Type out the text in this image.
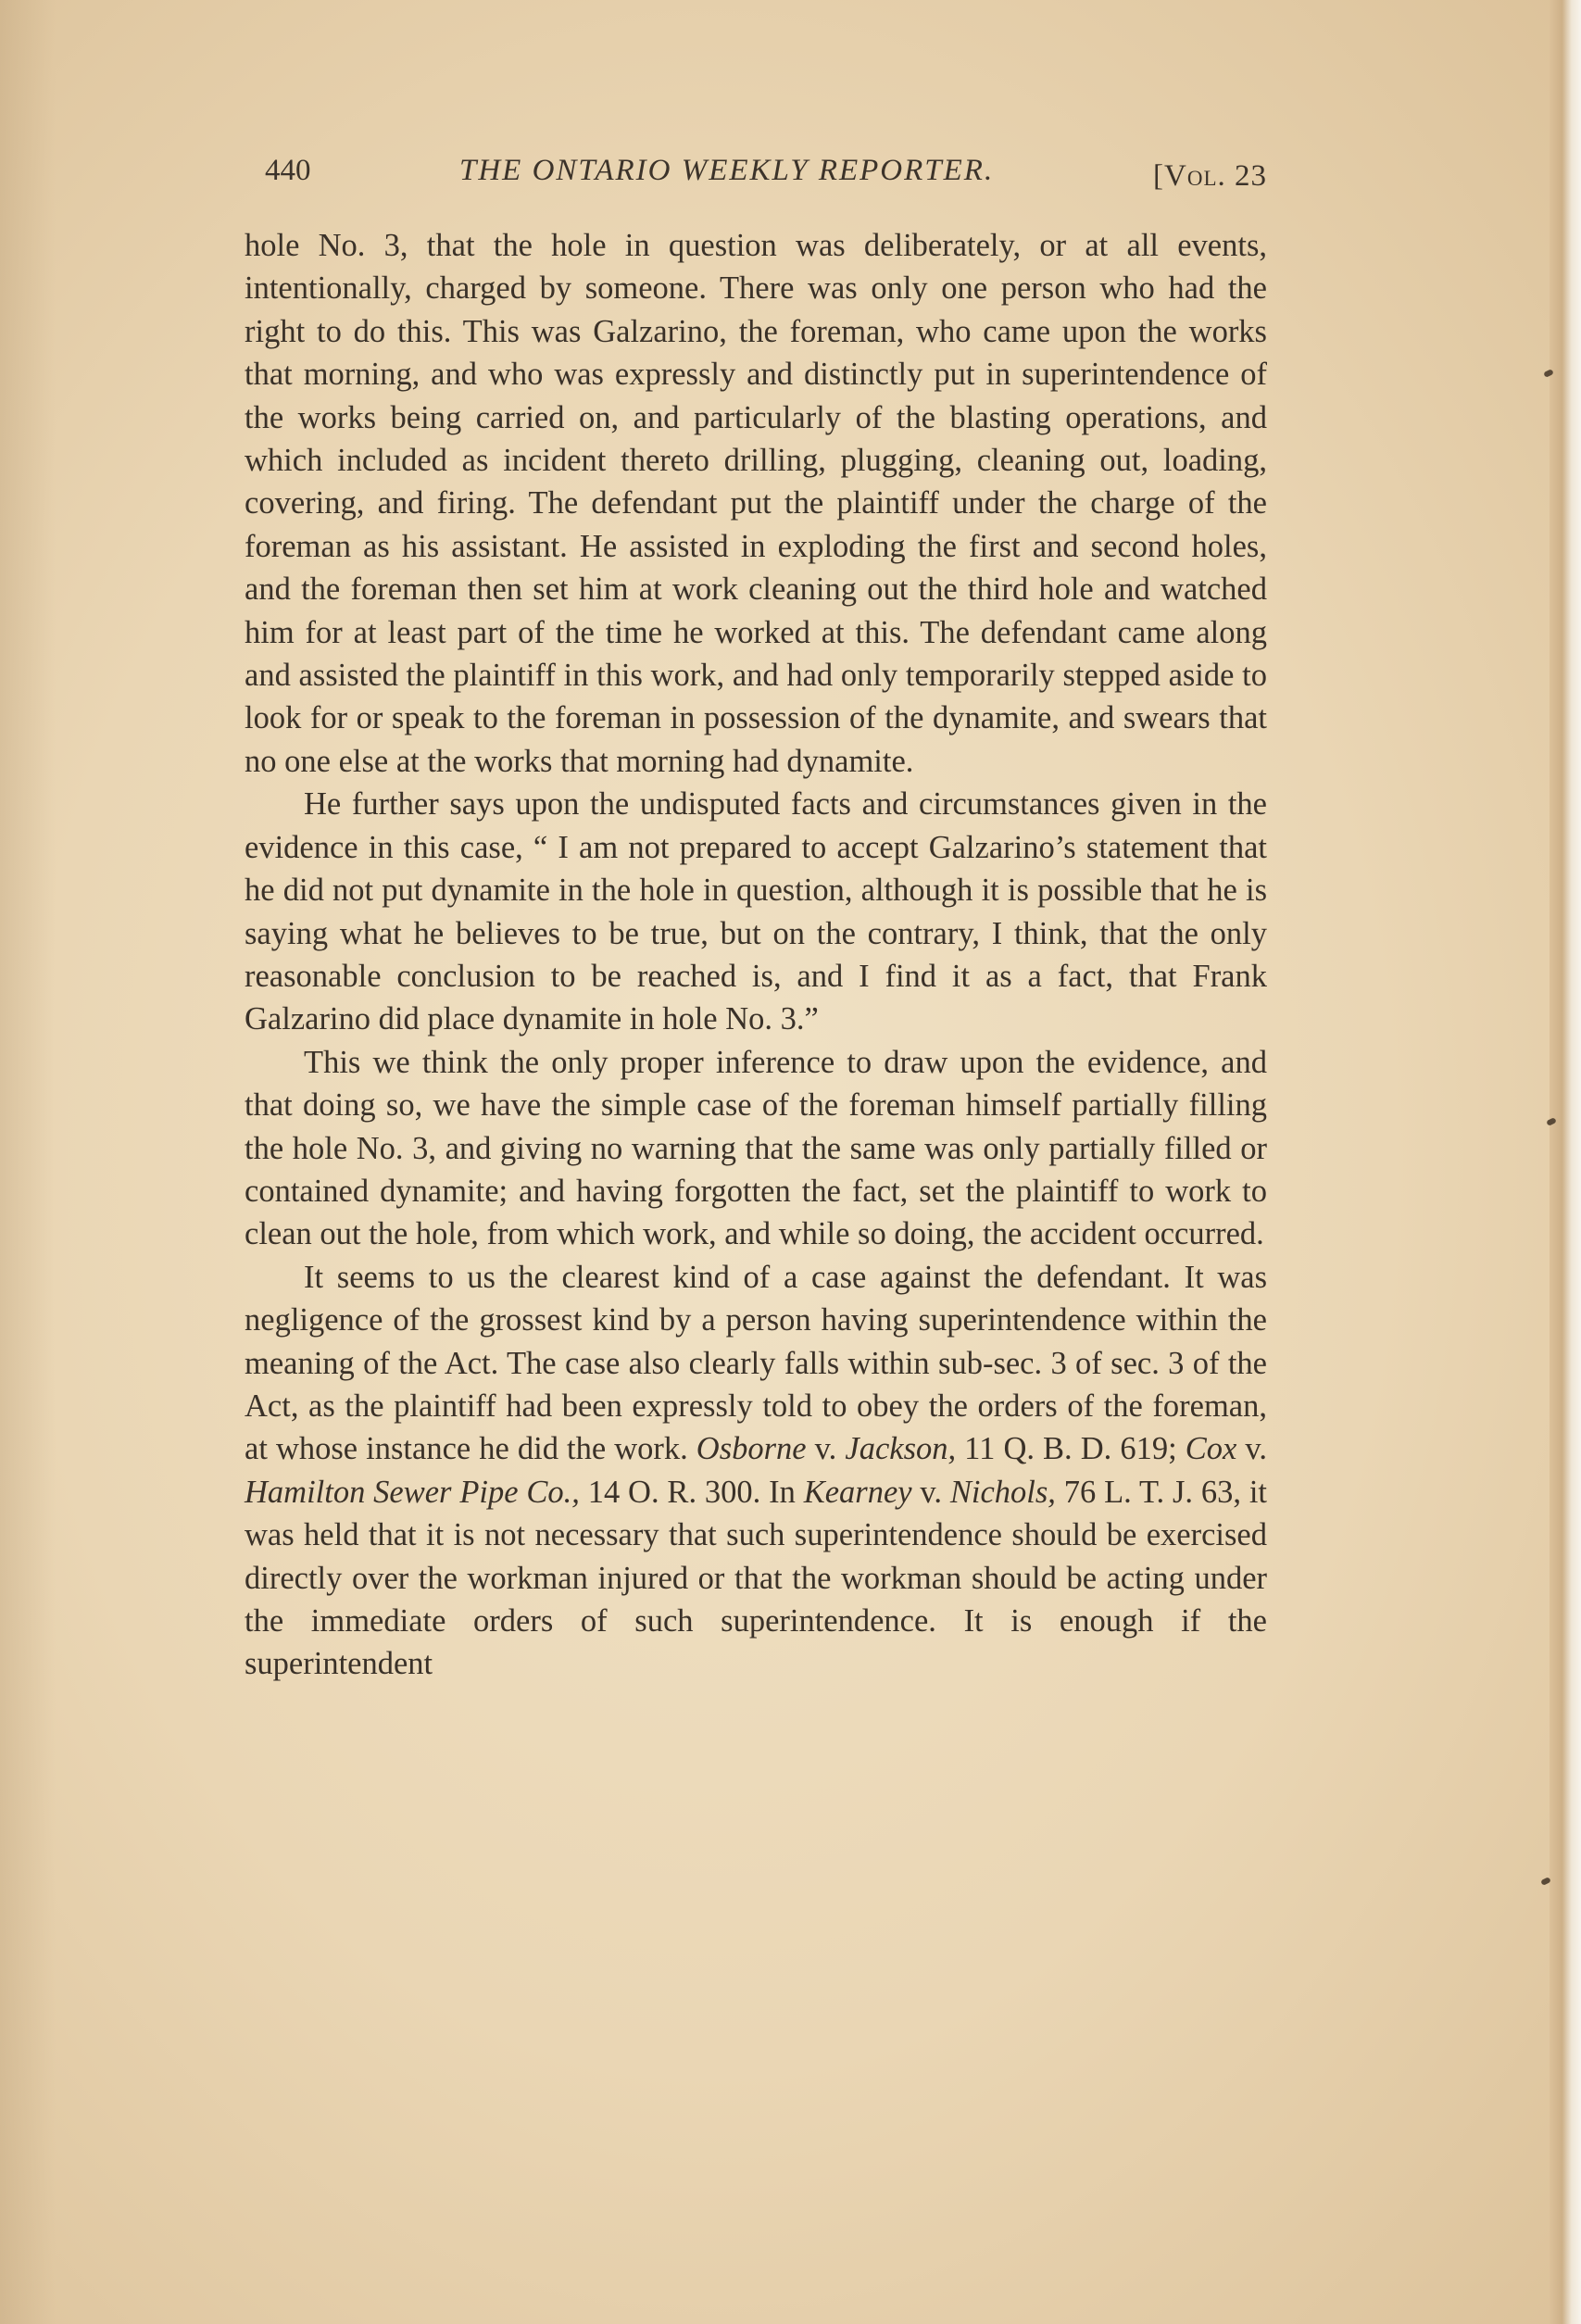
440	THE ONTARIO WEEKLY REPORTER.	[Vol. 23

hole No. 3, that the hole in question was deliberately, or at all events, intentionally, charged by someone. There was only one person who had the right to do this. This was Galzarino, the foreman, who came upon the works that morning, and who was expressly and distinctly put in superintendence of the works being carried on, and particularly of the blasting operations, and which included as incident thereto drilling, plugging, cleaning out, loading, covering, and firing. The defendant put the plaintiff under the charge of the foreman as his assistant. He assisted in exploding the first and second holes, and the foreman then set him at work cleaning out the third hole and watched him for at least part of the time he worked at this. The defendant came along and assisted the plaintiff in this work, and had only temporarily stepped aside to look for or speak to the foreman in possession of the dynamite, and swears that no one else at the works that morning had dynamite.

He further says upon the undisputed facts and circumstances given in the evidence in this case, “ I am not prepared to accept Galzarino’s statement that he did not put dynamite in the hole in question, although it is possible that he is saying what he believes to be true, but on the contrary, I think, that the only reasonable conclusion to be reached is, and I find it as a fact, that Frank Galzarino did place dynamite in hole No. 3.”

This we think the only proper inference to draw upon the evidence, and that doing so, we have the simple case of the foreman himself partially filling the hole No. 3, and giving no warning that the same was only partially filled or contained dynamite; and having forgotten the fact, set the plaintiff to work to clean out the hole, from which work, and while so doing, the accident occurred.

It seems to us the clearest kind of a case against the defendant. It was negligence of the grossest kind by a person having superintendence within the meaning of the Act. The case also clearly falls within sub-sec. 3 of sec. 3 of the Act, as the plaintiff had been expressly told to obey the orders of the foreman, at whose instance he did the work. Osborne v. Jackson, 11 Q. B. D. 619; Cox v. Hamilton Sewer Pipe Co., 14 O. R. 300. In Kearney v. Nichols, 76 L. T. J. 63, it was held that it is not necessary that such superintendence should be exercised directly over the workman injured or that the workman should be acting under the immediate orders of such superintendence. It is enough if the superintendent
